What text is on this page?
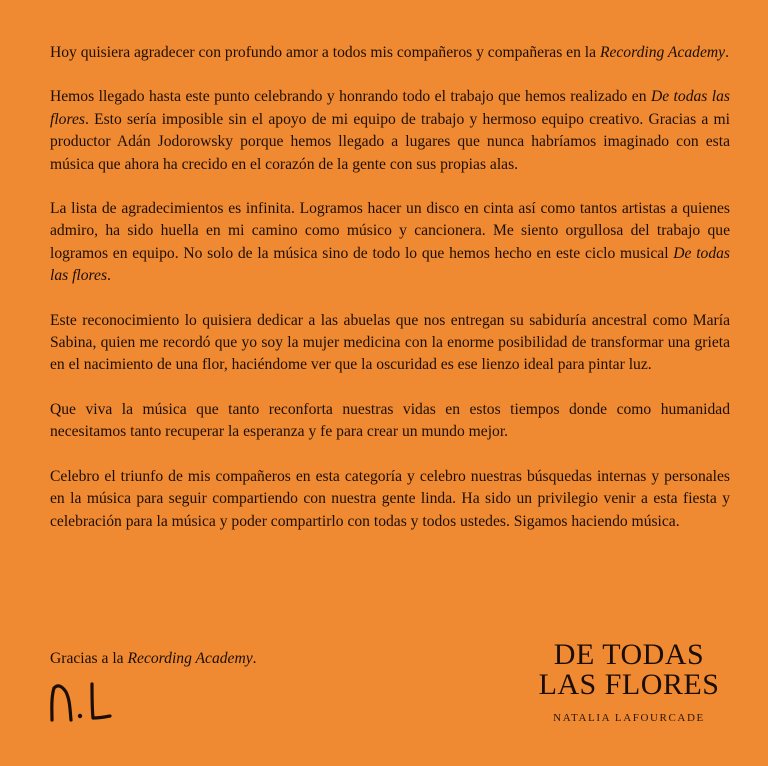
Hoy quisiera agradecer con profundo amor a todos mis compañeros y compañeras en la Recording Academy.

Hemos llegado hasta este punto celebrando y honrando todo el trabajo que hemos realizado en De todas las flores. Esto sería imposible sin el apoyo de mi equipo de trabajo y hermoso equipo creativo. Gracias a mi productor Adán Jodorowsky porque hemos llegado a lugares que nunca habríamos imaginado con esta música que ahora ha crecido en el corazón de la gente con sus propias alas.

La lista de agradecimientos es infinita. Logramos hacer un disco en cinta así como tantos artistas a quienes admiro, ha sido huella en mi camino como músico y cancionera. Me siento orgullosa del trabajo que logramos en equipo. No solo de la música sino de todo lo que hemos hecho en este ciclo musical De todas las flores.

Este reconocimiento lo quisiera dedicar a las abuelas que nos entregan su sabiduría ancestral como María Sabina, quien me recordó que yo soy la mujer medicina con la enorme posibilidad de transformar una grieta en el nacimiento de una flor, haciéndome ver que la oscuridad es ese lienzo ideal para pintar luz.

Que viva la música que tanto reconforta nuestras vidas en estos tiempos donde como humanidad necesitamos tanto recuperar la esperanza y fe para crear un mundo mejor.

Celebro el triunfo de mis compañeros en esta categoría y celebro nuestras búsquedas internas y personales en la música para seguir compartiendo con nuestra gente linda. Ha sido un privilegio venir a esta fiesta y celebración para la música y poder compartirlo con todas y todos ustedes. Sigamos haciendo música.

Gracias a la Recording Academy.	DE TODAS
LAS FLORES
NATALIA LAFOURCADE
